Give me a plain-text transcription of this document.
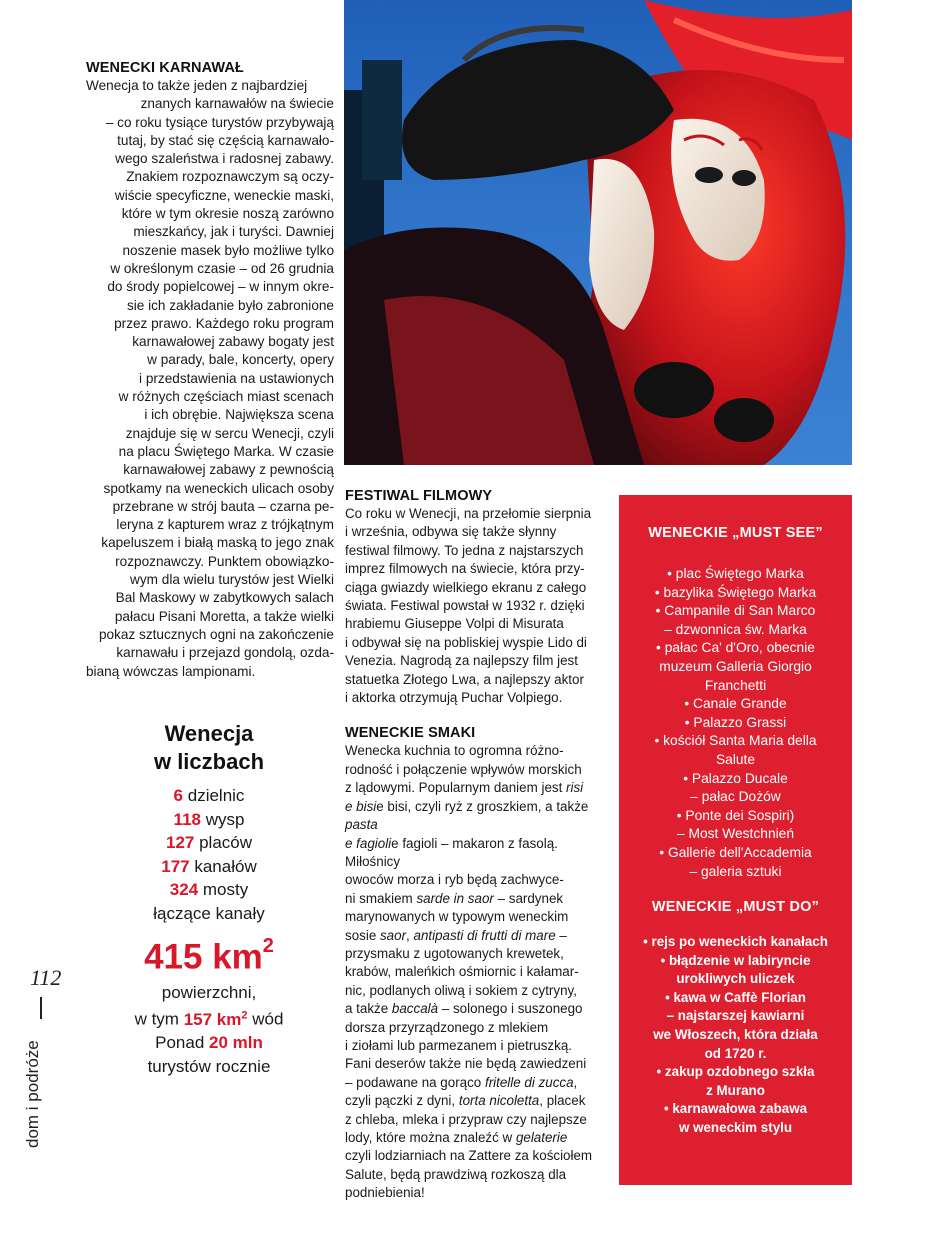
WENECKI KARNAWAŁ

Wenecja to także jeden z najbardziej

znanych karnawałów na świecie

– co roku tysiące turystów przybywają

tutaj, by stać się częścią karnawało-

wego szaleństwa i radosnej zabawy.

Znakiem rozpoznawczym są oczy-

wiście specyficzne, weneckie maski,

które w tym okresie noszą zarówno

mieszkańcy, jak i turyści. Dawniej

noszenie masek było możliwe tylko

w określonym czasie – od 26 grudnia

do środy popielcowej – w innym okre-

sie ich zakładanie było zabronione

przez prawo. Każdego roku program

karnawałowej zabawy bogaty jest

w parady, bale, koncerty, opery

i przedstawienia na ustawionych

w różnych częściach miast scenach

i ich obrębie. Największa scena

znajduje się w sercu Wenecji, czyli

na placu Świętego Marka. W czasie

karnawałowej zabawy z pewnością

spotkamy na weneckich ulicach osoby

przebrane w strój bauta – czarna pe-

leryna z kapturem wraz z trójkątnym

kapeluszem i białą maską to jego znak

rozpoznawczy. Punktem obowiązko-

wym dla wielu turystów jest Wielki

Bal Maskowy w zabytkowych salach

pałacu Pisani Moretta, a także wielki

pokaz sztucznych ogni na zakończenie

karnawału i przejazd gondolą, ozda-

bianą wówczas lampionami.

Wenecja
w liczbach
6 dzielnic
118 wysp
127 placów
177 kanałów
324 mosty
łączące kanały
415 $km^2$
powierzchni,
w tym 157 $km^2$ wód
Ponad 20 mln
turystów rocznie
FESTIWAL FILMOWY

Co roku w Wenecji, na przełomie sierpnia

i września, odbywa się także słynny

festiwal filmowy. To jedna z najstarszych

imprez filmowych na świecie, która przy-

ciąga gwiazdy wielkiego ekranu z całego

świata. Festiwal powstał w 1932 r. dzięki

hrabiemu Giuseppe Volpi di Misurata

i odbywał się na pobliskiej wyspie Lido di

Venezia. Nagrodą za najlepszy film jest

statuetka Złotego Lwa, a najlepszy aktor

i aktorka otrzymują Puchar Volpiego.

WENECKIE SMAKI

Wenecka kuchnia to ogromna różno-

rodność i połączenie wpływów morskich

z lądowymi. Popularnym daniem jest risi

e bisie bisi, czyli ryż z groszkiem, a także pasta

e fagiolie fagioli – makaron z fasolą. Miłośnicy

owoców morza i ryb będą zachwyce-

ni smakiem sarde in saor – sardynek

marynowanych w typowym weneckim

sosie saor, antipasti di frutti di mare –

przysmaku z ugotowanych krewetek,

krabów, maleńkich ośmiornic i kałamar-

nic, podlanych oliwą i sokiem z cytryny,

a także baccalà – solonego i suszonego

dorsza przyrządzonego z mlekiem

i ziołami lub parmezanem i pietruszką.

Fani deserów także nie będą zawiedzeni

– podawane na gorąco fritelle di zucca,

czyli pączki z dyni, torta nicoletta, placek

z chleba, mleka i przypraw czy najlepsze

lody, które można znaleźć w gelaterie

czyli lodziarniach na Zattere za kościołem

Salute, będą prawdziwą rozkoszą dla

podniebienia!

WENECKIE „MUST SEE”
• plac Świętego Marka
• bazylika Świętego Marka
• Campanile di San Marco
– dzwonnica św. Marka
• pałac Ca' d'Oro, obecnie
muzeum Galleria Giorgio
Franchetti
• Canale Grande
• Palazzo Grassi
• kościół Santa Maria della
Salute
• Palazzo Ducale
– pałac Dożów
• Ponte dei Sospiri)
– Most Westchnień
• Gallerie dell'Accademia
– galeria sztuki
WENECKIE „MUST DO”
• rejs po weneckich kanałach
• błądzenie w labiryncie
urokliwych uliczek
• kawa w Caffè Florian
– najstarszej kawiarni
we Włoszech, która działa
od 1720 r.
• zakup ozdobnego szkła
z Murano
• karnawałowa zabawa
w weneckim stylu
112
dom i podróże
